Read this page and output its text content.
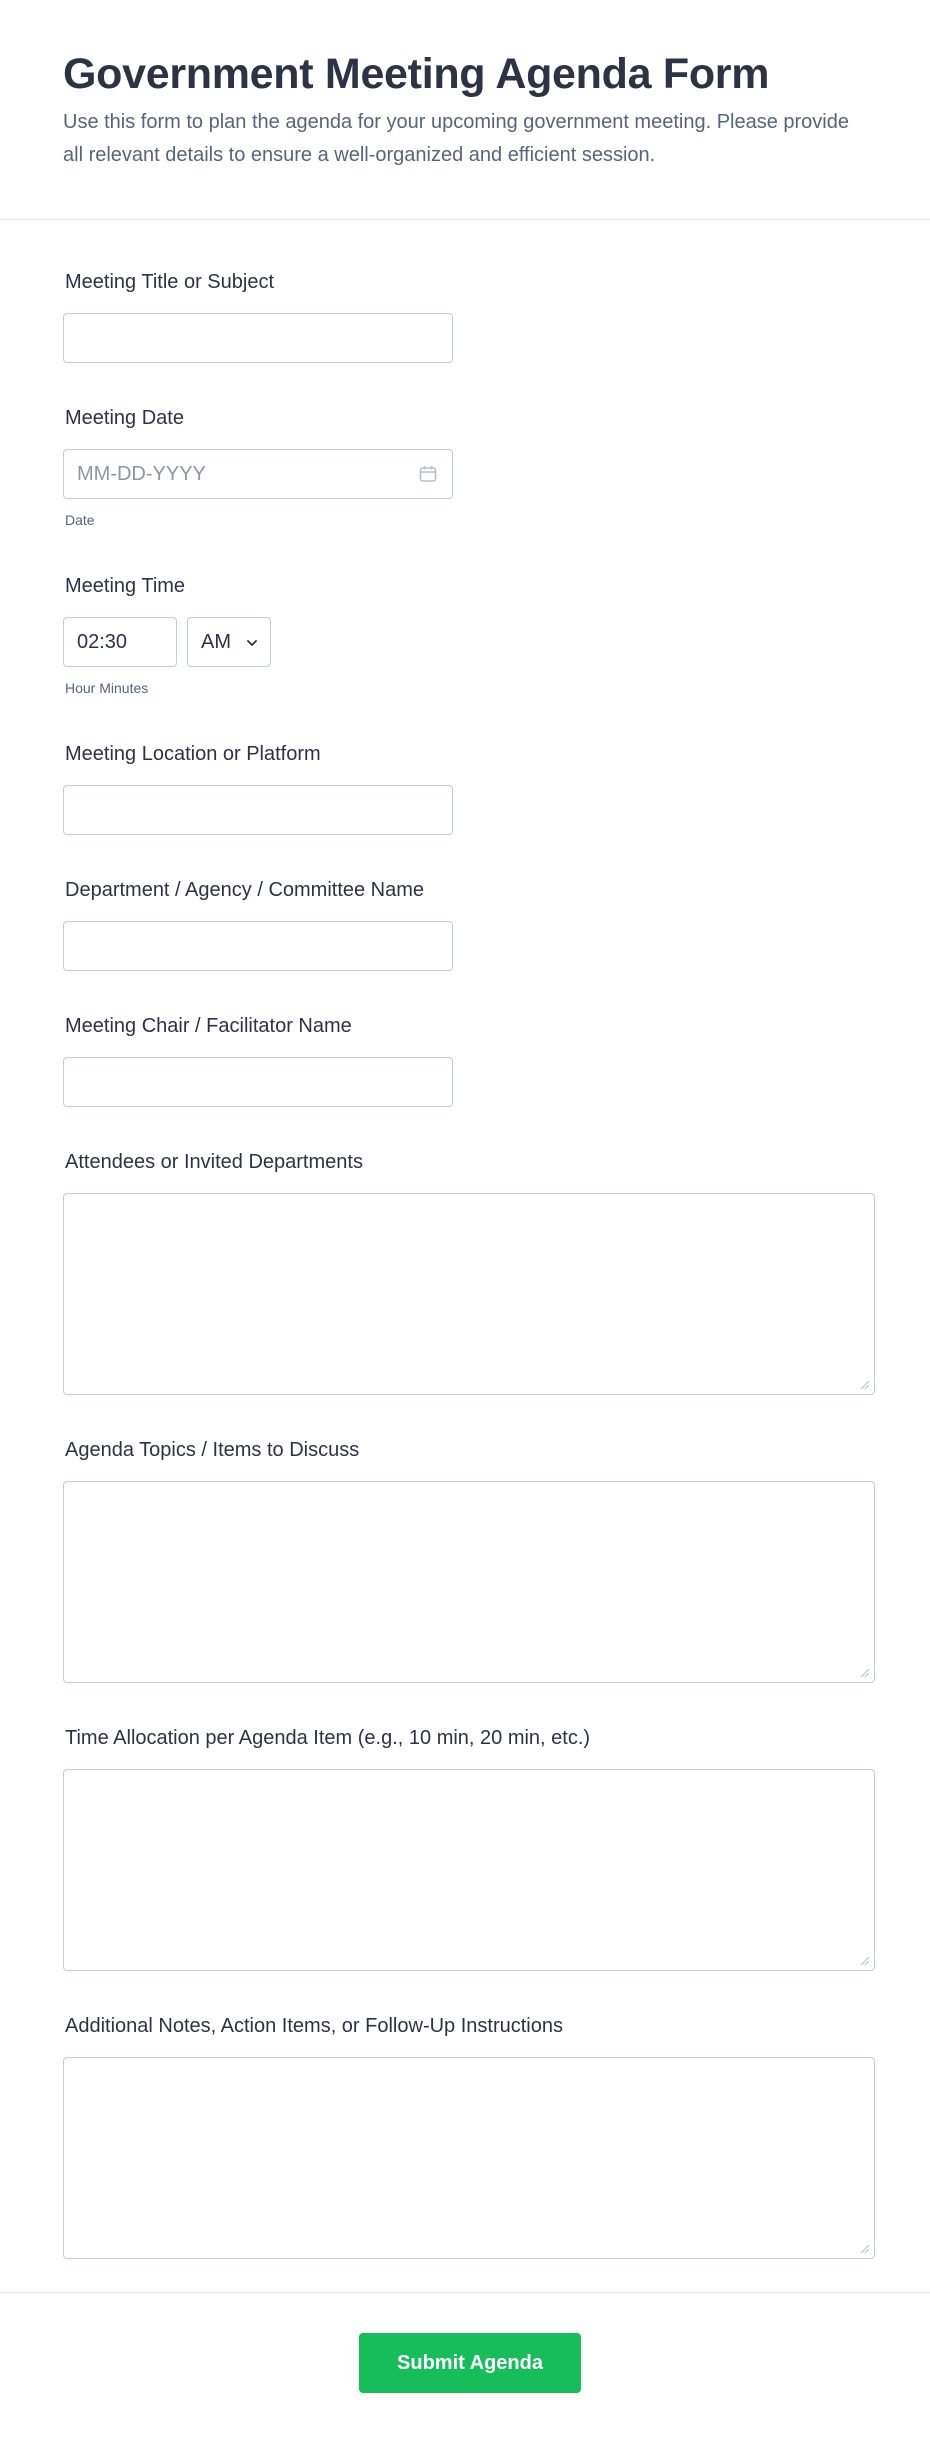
Government Meeting Agenda Form
Use this form to plan the agenda for your upcoming government meeting. Please provide all relevant details to ensure a well-organized and efficient session.
Meeting Title or Subject
Meeting Date
MM-DD-YYYY
Date
Meeting Time
02:30	AM
Hour Minutes
Meeting Location or Platform
Department / Agency / Committee Name
Meeting Chair / Facilitator Name
Attendees or Invited Departments
Agenda Topics / Items to Discuss
Time Allocation per Agenda Item (e.g., 10 min, 20 min, etc.)
Additional Notes, Action Items, or Follow-Up Instructions
Submit Agenda
